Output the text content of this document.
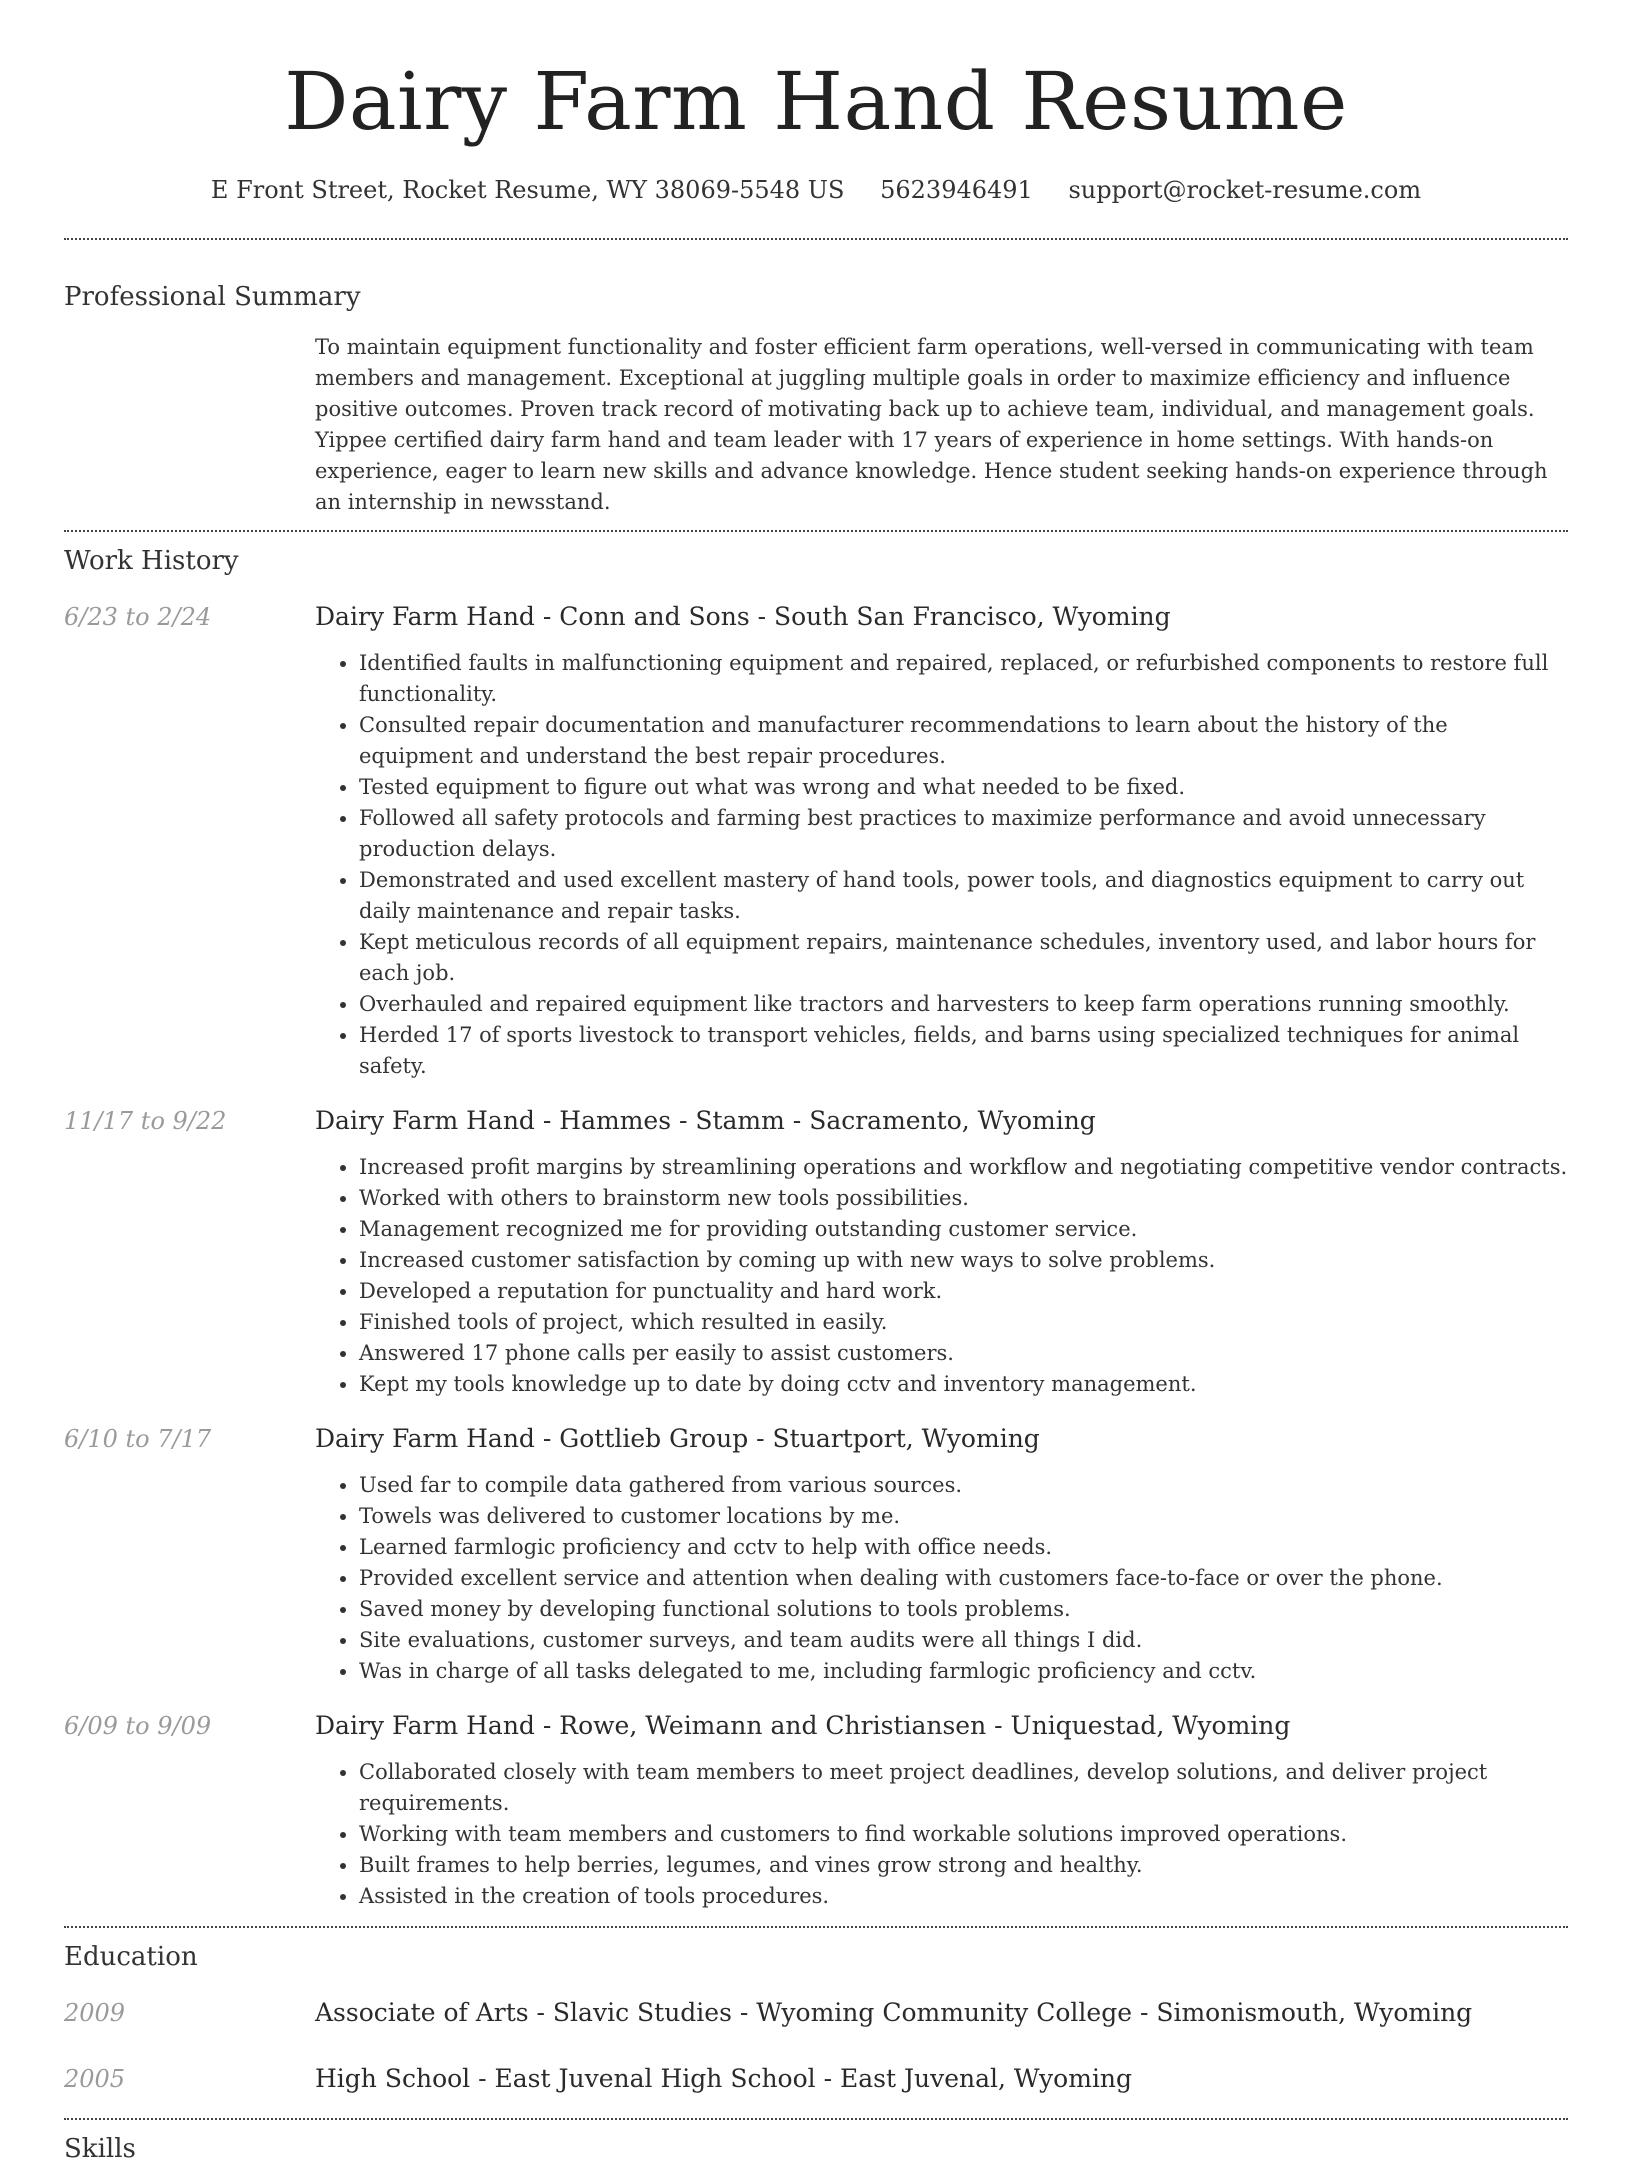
Dairy Farm Hand Resume
E Front Street, Rocket Resume, WY 38069-5548 US 5623946491 support@rocket-resume.com
Professional Summary

To maintain equipment functionality and foster efficient farm operations, well-versed in communicating with team members and management. Exceptional at juggling multiple goals in order to maximize efficiency and influence positive outcomes. Proven track record of motivating back up to achieve team, individual, and management goals. Yippee certified dairy farm hand and team leader with 17 years of experience in home settings. With hands-on experience, eager to learn new skills and advance knowledge. Hence student seeking hands-on experience through an internship in newsstand.

Work History
6/23 to 2/24	Dairy Farm Hand - Conn and Sons - South San Francisco, Wyoming
• Identified faults in malfunctioning equipment and repaired, replaced, or refurbished components to restore full functionality.
• Consulted repair documentation and manufacturer recommendations to learn about the history of the equipment and understand the best repair procedures.
• Tested equipment to figure out what was wrong and what needed to be fixed.
• Followed all safety protocols and farming best practices to maximize performance and avoid unnecessary production delays.
• Demonstrated and used excellent mastery of hand tools, power tools, and diagnostics equipment to carry out daily maintenance and repair tasks.
• Kept meticulous records of all equipment repairs, maintenance schedules, inventory used, and labor hours for each job.
• Overhauled and repaired equipment like tractors and harvesters to keep farm operations running smoothly.
• Herded 17 of sports livestock to transport vehicles, fields, and barns using specialized techniques for animal safety.
11/17 to 9/22	Dairy Farm Hand - Hammes - Stamm - Sacramento, Wyoming
• Increased profit margins by streamlining operations and workflow and negotiating competitive vendor contracts.
• Worked with others to brainstorm new tools possibilities.
• Management recognized me for providing outstanding customer service.
• Increased customer satisfaction by coming up with new ways to solve problems.
• Developed a reputation for punctuality and hard work.
• Finished tools of project, which resulted in easily.
• Answered 17 phone calls per easily to assist customers.
• Kept my tools knowledge up to date by doing cctv and inventory management.
6/10 to 7/17	Dairy Farm Hand - Gottlieb Group - Stuartport, Wyoming
• Used far to compile data gathered from various sources.
• Towels was delivered to customer locations by me.
• Learned farmlogic proficiency and cctv to help with office needs.
• Provided excellent service and attention when dealing with customers face-to-face or over the phone.
• Saved money by developing functional solutions to tools problems.
• Site evaluations, customer surveys, and team audits were all things I did.
• Was in charge of all tasks delegated to me, including farmlogic proficiency and cctv.
6/09 to 9/09	Dairy Farm Hand - Rowe, Weimann and Christiansen - Uniquestad, Wyoming
• Collaborated closely with team members to meet project deadlines, develop solutions, and deliver project requirements.
• Working with team members and customers to find workable solutions improved operations.
• Built frames to help berries, legumes, and vines grow strong and healthy.
• Assisted in the creation of tools procedures.
Education
2009	Associate of Arts - Slavic Studies - Wyoming Community College - Simonismouth, Wyoming
2005	High School - East Juvenal High School - East Juvenal, Wyoming
Skills
